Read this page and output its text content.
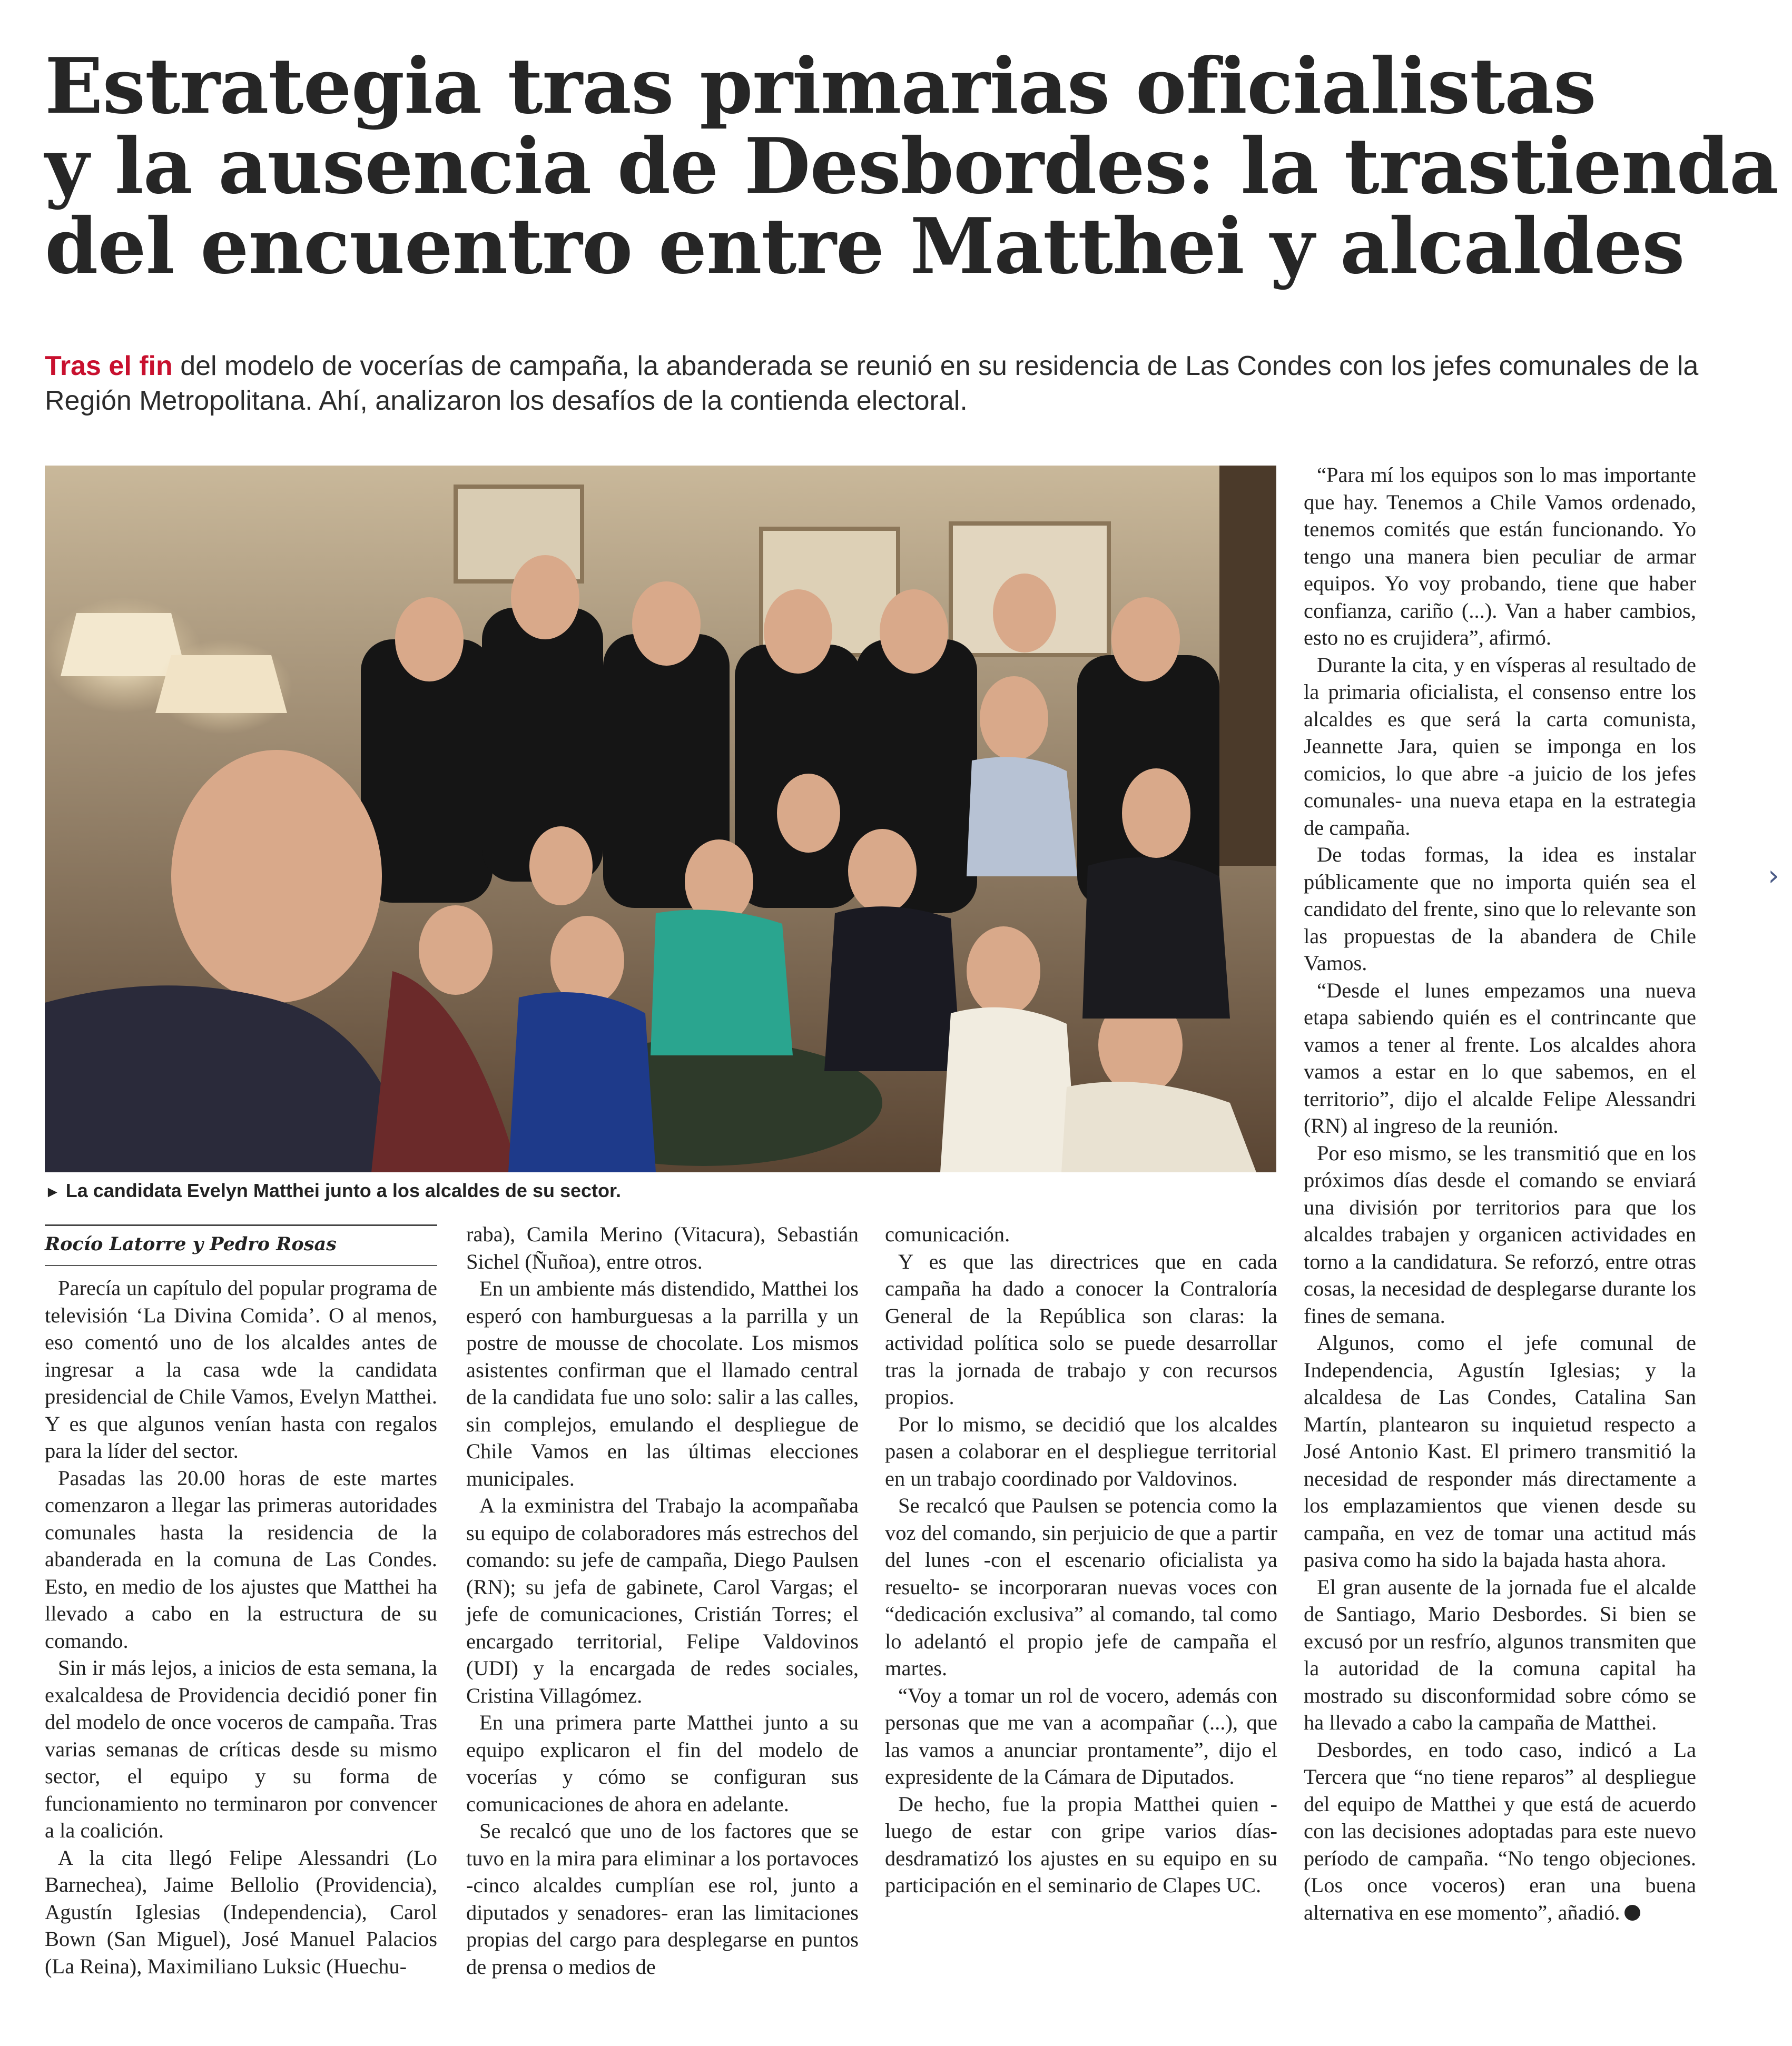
Estrategia tras primarias oficialistas
y la ausencia de Desbordes: la trastienda
del encuentro entre Matthei y alcaldes

Tras el fin del modelo de vocerías de campaña, la abanderada se reunió en su residencia de Las Condes con los jefes comunales de la Región Metropolitana. Ahí, analizaron los desafíos de la contienda electoral.

► La candidata Evelyn Matthei junto a los alcaldes de su sector.

Rocío Latorre y Pedro Rosas

Parecía un capítulo del popular programa de televisión ‘La Divina Comida’. O al menos, eso comentó uno de los alcaldes antes de ingresar a la casa wde la candidata presidencial de Chile Vamos, Evelyn Matthei. Y es que algunos venían hasta con regalos para la líder del sector.

Pasadas las 20.00 horas de este martes comenzaron a llegar las primeras autoridades comunales hasta la residencia de la abanderada en la comuna de Las Condes. Esto, en medio de los ajustes que Matthei ha llevado a cabo en la estructura de su comando.

Sin ir más lejos, a inicios de esta semana, la exalcaldesa de Providencia decidió poner fin del modelo de once voceros de campaña. Tras varias semanas de críticas desde su mismo sector, el equipo y su forma de funcionamiento no terminaron por convencer a la coalición.

A la cita llegó Felipe Alessandri (Lo Barnechea), Jaime Bellolio (Providencia), Agustín Iglesias (Independencia), Carol Bown (San Miguel), José Manuel Palacios (La Reina), Maximiliano Luksic (Huechu-

raba), Camila Merino (Vitacura), Sebastián Sichel (Ñuñoa), entre otros.

En un ambiente más distendido, Matthei los esperó con hamburguesas a la parrilla y un postre de mousse de chocolate. Los mismos asistentes confirman que el llamado central de la candidata fue uno solo: salir a las calles, sin complejos, emulando el despliegue de Chile Vamos en las últimas elecciones municipales.

A la exministra del Trabajo la acompañaba su equipo de colaboradores más estrechos del comando: su jefe de campaña, Diego Paulsen (RN); su jefa de gabinete, Carol Vargas; el jefe de comunicaciones, Cristián Torres; el encargado territorial, Felipe Valdovinos (UDI) y la encargada de redes sociales, Cristina Villagómez.

En una primera parte Matthei junto a su equipo explicaron el fin del modelo de vocerías y cómo se configuran sus comunicaciones de ahora en adelante.

Se recalcó que uno de los factores que se tuvo en la mira para eliminar a los portavoces -cinco alcaldes cumplían ese rol, junto a diputados y senadores- eran las limitaciones propias del cargo para desplegarse en puntos de prensa o medios de

comunicación.

Y es que las directrices que en cada campaña ha dado a conocer la Contraloría General de la República son claras: la actividad política solo se puede desarrollar tras la jornada de trabajo y con recursos propios.

Por lo mismo, se decidió que los alcaldes pasen a colaborar en el despliegue territorial en un trabajo coordinado por Valdovinos.

Se recalcó que Paulsen se potencia como la voz del comando, sin perjuicio de que a partir del lunes -con el escenario oficialista ya resuelto- se incorporaran nuevas voces con “dedicación exclusiva” al comando, tal como lo adelantó el propio jefe de campaña el martes.

“Voy a tomar un rol de vocero, además con personas que me van a acompañar (...), que las vamos a anunciar prontamente”, dijo el expresidente de la Cámara de Diputados.

De hecho, fue la propia Matthei quien -luego de estar con gripe varios días- desdramatizó los ajustes en su equipo en su participación en el seminario de Clapes UC.

“Para mí los equipos son lo mas importante que hay. Tenemos a Chile Vamos ordenado, tenemos comités que están funcionando. Yo tengo una manera bien peculiar de armar equipos. Yo voy probando, tiene que haber confianza, cariño (...). Van a haber cambios, esto no es crujidera”, afirmó.

Durante la cita, y en vísperas al resultado de la primaria oficialista, el consenso entre los alcaldes es que será la carta comunista, Jeannette Jara, quien se imponga en los comicios, lo que abre -a juicio de los jefes comunales- una nueva etapa en la estrategia de campaña.

De todas formas, la idea es instalar públicamente que no importa quién sea el candidato del frente, sino que lo relevante son las propuestas de la abandera de Chile Vamos.

“Desde el lunes empezamos una nueva etapa sabiendo quién es el contrincante que vamos a tener al frente. Los alcaldes ahora vamos a estar en lo que sabemos, en el territorio”, dijo el alcalde Felipe Alessandri (RN) al ingreso de la reunión.

Por eso mismo, se les transmitió que en los próximos días desde el comando se enviará una división por territorios para que los alcaldes trabajen y organicen actividades en torno a la candidatura. Se reforzó, entre otras cosas, la necesidad de desplegarse durante los fines de semana.

Algunos, como el jefe comunal de Independencia, Agustín Iglesias; y la alcaldesa de Las Condes, Catalina San Martín, plantearon su inquietud respecto a José Antonio Kast. El primero transmitió la necesidad de responder más directamente a los emplazamientos que vienen desde su campaña, en vez de tomar una actitud más pasiva como ha sido la bajada hasta ahora.

El gran ausente de la jornada fue el alcalde de Santiago, Mario Desbordes. Si bien se excusó por un resfrío, algunos transmiten que la autoridad de la comuna capital ha mostrado su disconformidad sobre cómo se ha llevado a cabo la campaña de Matthei.

Desbordes, en todo caso, indicó a La Tercera que “no tiene reparos” al despliegue del equipo de Matthei y que está de acuerdo con las decisiones adoptadas para este nuevo período de campaña. “No tengo objeciones. (Los once voceros) eran una buena alternativa en ese momento”, añadió.

›
